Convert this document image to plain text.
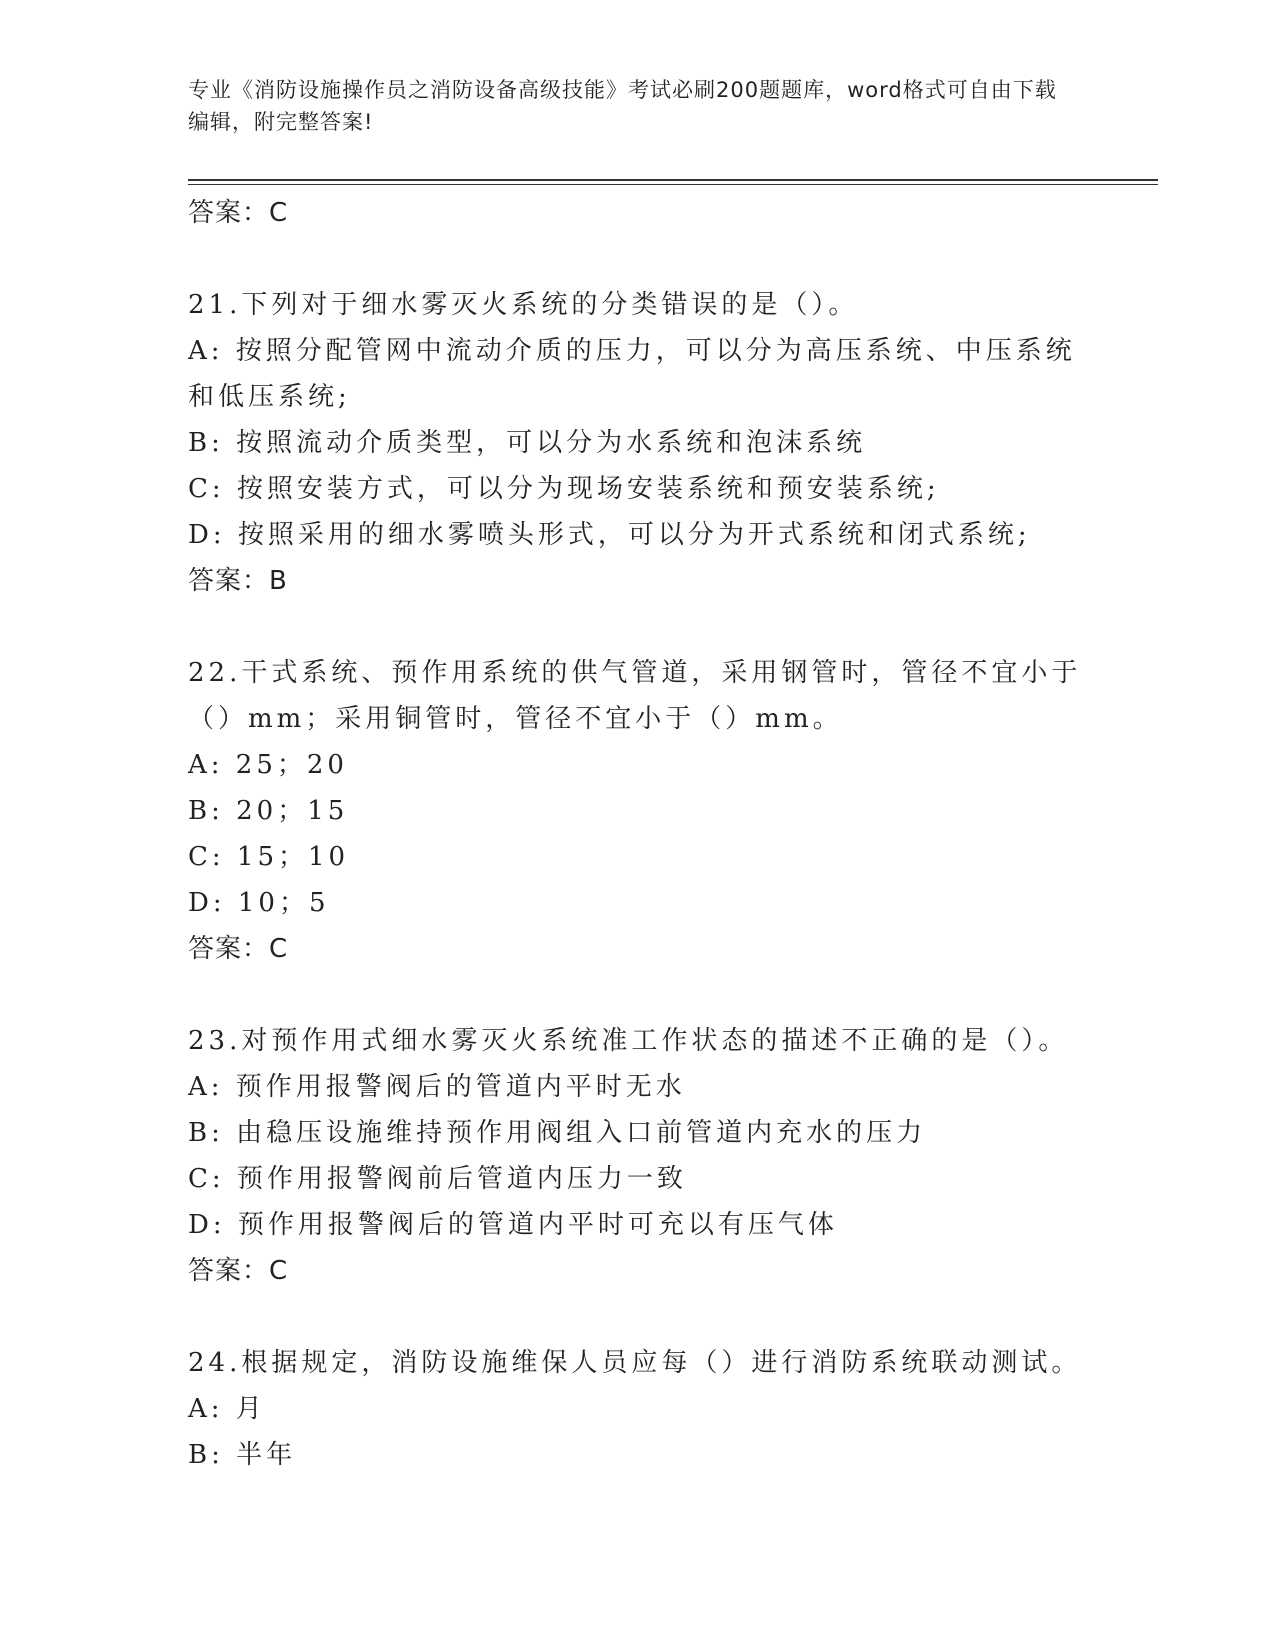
专业《消防设施操作员之消防设备高级技能》考试必刷200题题库，word格式可自由下载编辑，附完整答案!
答案：C
21.下列对于细水雾灭火系统的分类错误的是（）。
A: 按照分配管网中流动介质的压力，可以分为高压系统、中压系统和低压系统;
B: 按照流动介质类型，可以分为水系统和泡沫系统
C: 按照安装方式，可以分为现场安装系统和预安装系统;
D: 按照采用的细水雾喷头形式，可以分为开式系统和闭式系统;
答案：B
22.干式系统、预作用系统的供气管道，采用钢管时，管径不宜小于（）mm；采用铜管时，管径不宜小于（）mm。
A: 25；20
B: 20；15
C: 15；10
D: 10；5
答案：C
23.对预作用式细水雾灭火系统准工作状态的描述不正确的是（）。
A: 预作用报警阀后的管道内平时无水
B: 由稳压设施维持预作用阀组入口前管道内充水的压力
C: 预作用报警阀前后管道内压力一致
D: 预作用报警阀后的管道内平时可充以有压气体
答案：C
24.根据规定，消防设施维保人员应每（）进行消防系统联动测试。
A: 月
B: 半年
